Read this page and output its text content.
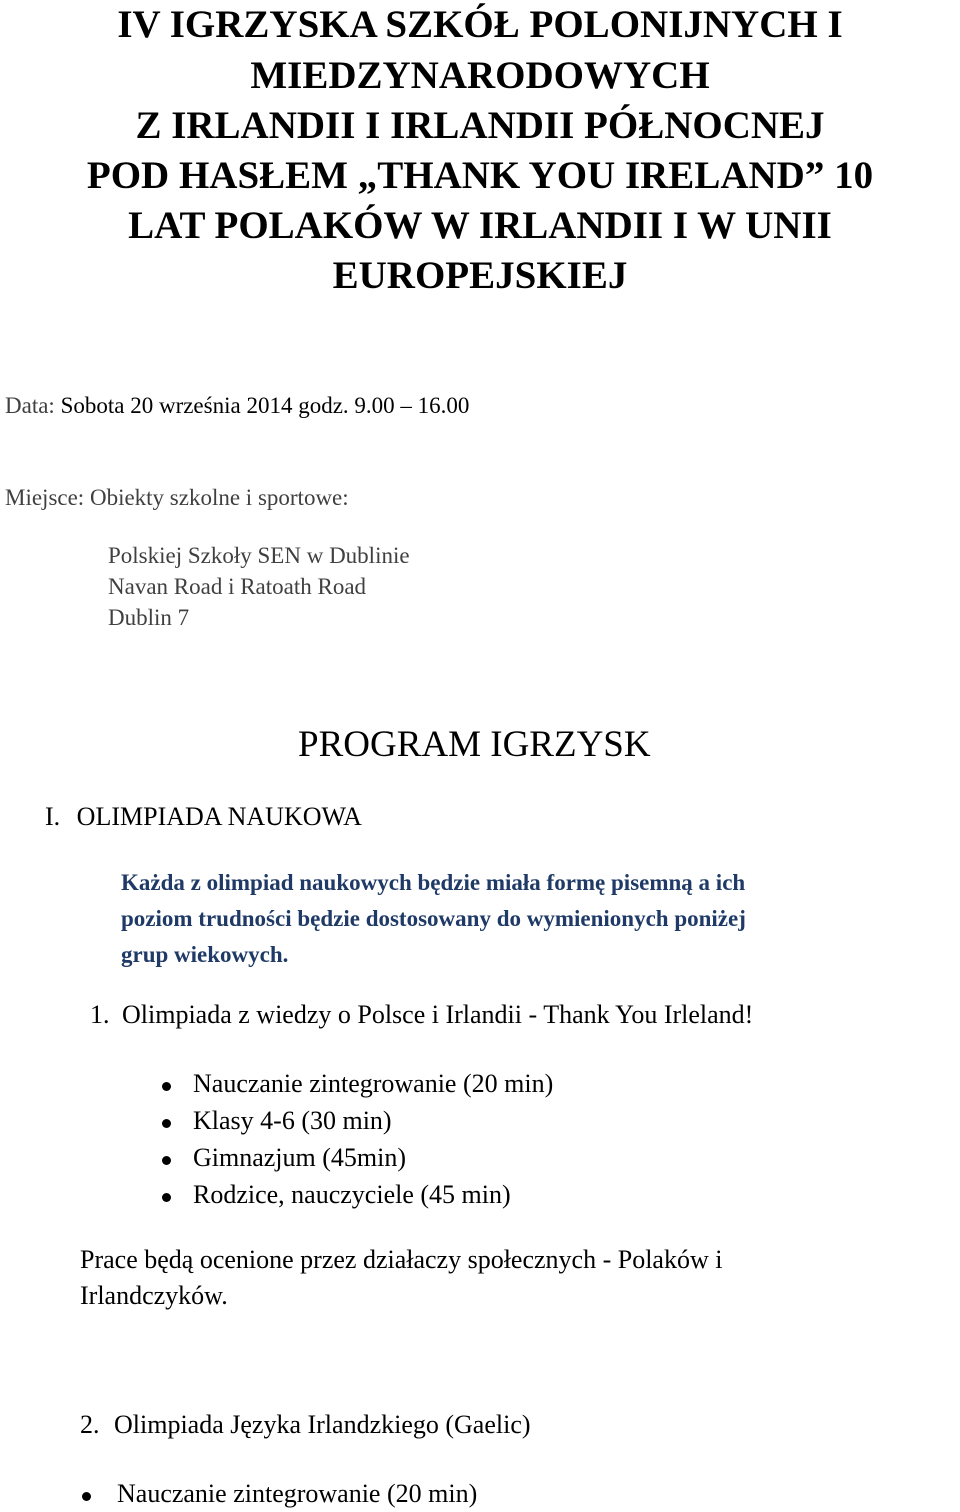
IV IGRZYSKA SZKÓŁ POLONIJNYCH I
MIEDZYNARODOWYCH
Z IRLANDII I IRLANDII PÓŁNOCNEJ
POD HASŁEM „THANK YOU IRELAND” 10
LAT POLAKÓW W IRLANDII I W UNII
EUROPEJSKIEJ
Data: Sobota 20 września 2014 godz. 9.00 – 16.00
Miejsce: Obiekty szkolne i sportowe:
Polskiej Szkoły SEN w Dublinie
Navan Road i Ratoath Road
Dublin 7
PROGRAM IGRZYSK
I. OLIMPIADA NAUKOWA
Każda z olimpiad naukowych będzie miała formę pisemną a ich
poziom trudności będzie dostosowany do wymienionych poniżej
grup wiekowych.
1. Olimpiada z wiedzy o Polsce i Irlandii - Thank You Irleland!
Nauczanie zintegrowanie (20 min)
Klasy 4-6 (30 min)
Gimnazjum (45min)
Rodzice, nauczyciele (45 min)
Prace będą ocenione przez działaczy społecznych - Polaków i
Irlandczyków.
2. Olimpiada Języka Irlandzkiego (Gaelic)
Nauczanie zintegrowanie (20 min)
